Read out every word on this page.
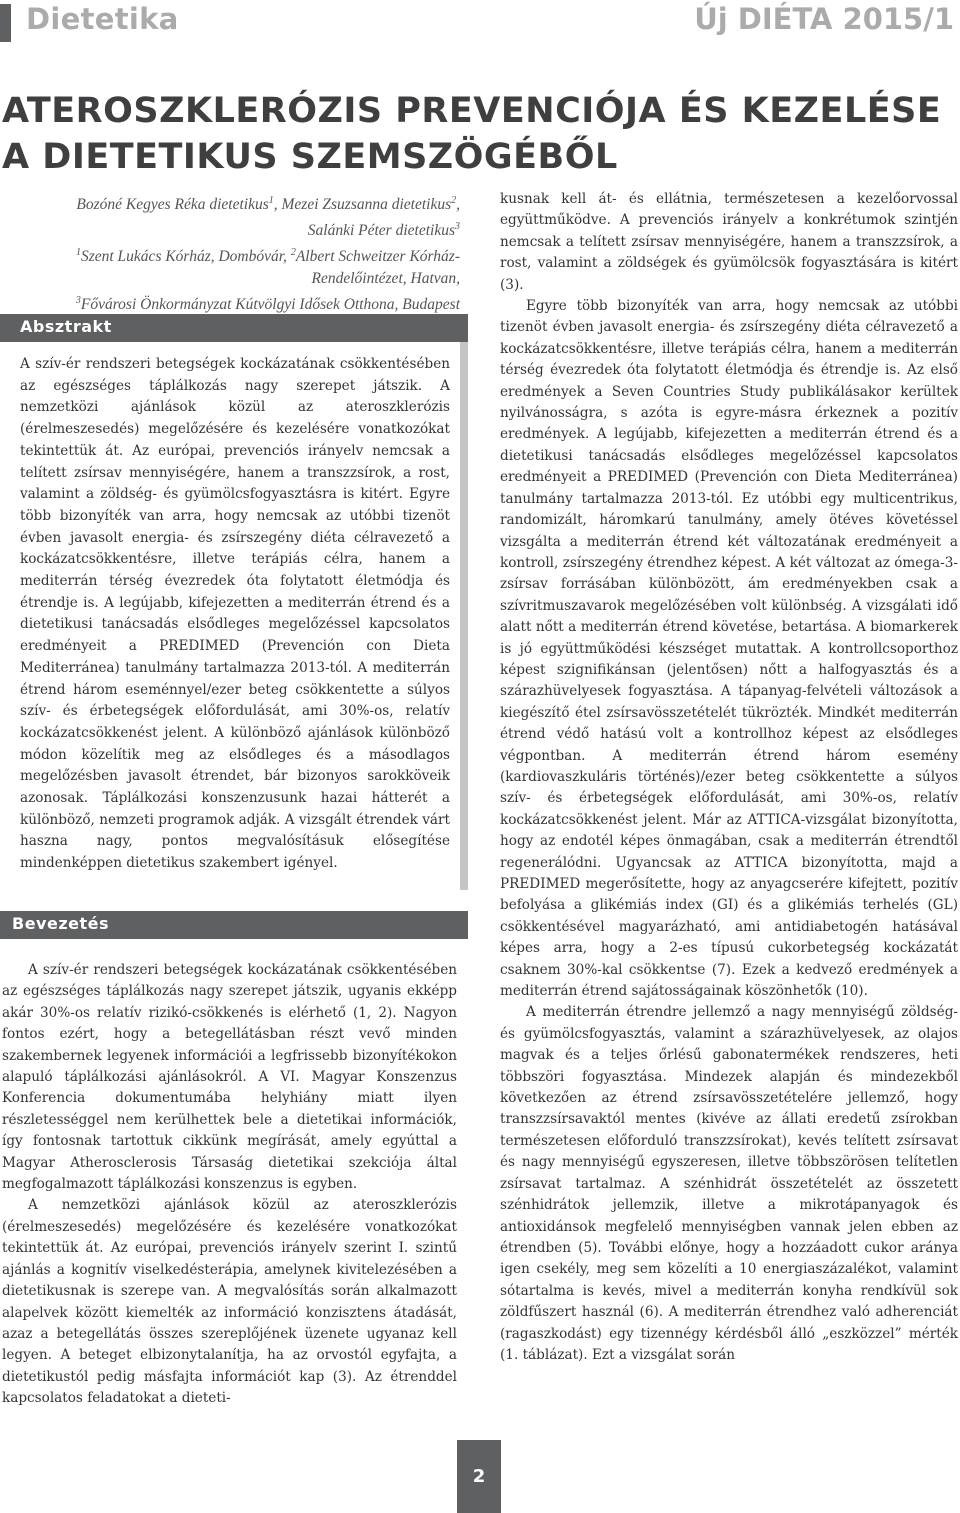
Dietetika	Új DIÉTA 2015/1
ATEROSZKLERÓZIS PREVENCIÓJA ÉS KEZELÉSE A DIETETIKUS SZEMSZÖGÉBŐL
Bozóné Kegyes Réka dietetikus$^1$, Mezei Zsuzsanna dietetikus$^2$,
Salánki Péter dietetikus$^3$
$^1$Szent Lukács Kórház, Dombóvár, $^2$Albert Schweitzer Kórház-
Rendelőintézet, Hatvan,
$^3$Fővárosi Önkormányzat Kútvölgyi Idősek Otthona, Budapest
Absztrakt
A szív-ér rendszeri betegségek kockázatának csökkentésében az egészséges táplálkozás nagy szerepet játszik. A nemzetközi ajánlások közül az ateroszklerózis (érelmeszesedés) megelőzésére és kezelésére vonatkozókat tekintettük át. Az európai, prevenciós irányelv nemcsak a telített zsírsav mennyiségére, hanem a transzzsírok, a rost, valamint a zöldség- és gyümölcsfogyasztásra is kitért. Egyre több bizonyíték van arra, hogy nemcsak az utóbbi tizenöt évben javasolt energia- és zsírszegény diéta célravezető a kockázatcsökkentésre, illetve terápiás célra, hanem a mediterrán térség évezredek óta folytatott életmódja és étrendje is. A legújabb, kifejezetten a mediterrán étrend és a dietetikusi tanácsadás elsődleges megelőzéssel kapcsolatos eredményeit a PREDIMED (Prevención con Dieta Mediterránea) tanulmány tartalmazza 2013-tól. A mediterrán étrend három eseménnyel/ezer beteg csökkentette a súlyos szív- és érbetegségek előfordulását, ami 30%-os, relatív kockázatcsökkenést jelent. A különböző ajánlások különböző módon közelítik meg az elsődleges és a másodlagos megelőzésben javasolt étrendet, bár bizonyos sarokköveik azonosak. Táplálkozási konszenzusunk hazai hátterét a különböző, nemzeti programok adják. A vizsgált étrendek várt haszna nagy, pontos megvalósításuk elősegítése mindenképpen dietetikus szakembert igényel.
Bevezetés

A szív-ér rendszeri betegségek kockázatának csökkentésében az egészséges táplálkozás nagy szerepet játszik, ugyanis ekképp akár 30%-os relatív rizikó-csökkenés is elérhető (1, 2). Nagyon fontos ezért, hogy a betegellátásban részt vevő minden szakembernek legyenek információi a legfrissebb bizonyítékokon alapuló táplálkozási ajánlásokról. A VI. Magyar Konszenzus Konferencia dokumentumába helyhiány miatt ilyen részletességgel nem kerülhettek bele a dietetikai információk, így fontosnak tartottuk cikkünk megírását, amely egyúttal a Magyar Atherosclerosis Társaság dietetikai szekciója által megfogalmazott táplálkozási konszenzus is egyben.

A nemzetközi ajánlások közül az ateroszklerózis (érelmeszesedés) megelőzésére és kezelésére vonatkozókat tekintettük át. Az európai, prevenciós irányelv szerint I. szintű ajánlás a kognitív viselkedésterápia, amelynek kivitelezésében a dietetikusnak is szerepe van. A megvalósítás során alkalmazott alapelvek között kiemelték az információ konzisztens átadását, azaz a betegellátás összes szereplőjének üzenete ugyanaz kell legyen. A beteget elbizonytalanítja, ha az orvostól egyfajta, a dietetikustól pedig másfajta információt kap (3). Az étrenddel kapcsolatos feladatokat a dieteti-

kusnak kell át- és ellátnia, természetesen a kezelőorvossal együttműködve. A prevenciós irányelv a konkrétumok szintjén nemcsak a telített zsírsav mennyiségére, hanem a transzzsírok, a rost, valamint a zöldségek és gyümölcsök fogyasztására is kitért (3).

Egyre több bizonyíték van arra, hogy nemcsak az utóbbi tizenöt évben javasolt energia- és zsírszegény diéta célravezető a kockázatcsökkentésre, illetve terápiás célra, hanem a mediterrán térség évezredek óta folytatott életmódja és étrendje is. Az első eredmények a Seven Countries Study publikálásakor kerültek nyilvánosságra, s azóta is egyre-másra érkeznek a pozitív eredmények. A legújabb, kifejezetten a mediterrán étrend és a dietetikusi tanácsadás elsődleges megelőzéssel kapcsolatos eredményeit a PREDIMED (Prevención con Dieta Mediterránea) tanulmány tartalmazza 2013-tól. Ez utóbbi egy multicentrikus, randomizált, háromkarú tanulmány, amely ötéves követéssel vizsgálta a mediterrán étrend két változatának eredményeit a kontroll, zsírszegény étrendhez képest. A két változat az ómega-3-zsírsav forrásában különbözött, ám eredményekben csak a szívritmuszavarok megelőzésében volt különbség. A vizsgálati idő alatt nőtt a mediterrán étrend követése, betartása. A biomarkerek is jó együttműködési készséget mutattak. A kontrollcsoporthoz képest szignifikánsan (jelentősen) nőtt a halfogyasztás és a szárazhüvelyesek fogyasztása. A tápanyag-felvételi változások a kiegészítő étel zsírsavösszetételét tükrözték. Mindkét mediterrán étrend védő hatású volt a kontrollhoz képest az elsődleges végpontban. A mediterrán étrend három esemény (kardiovaszkuláris történés)/ezer beteg csökkentette a súlyos szív- és érbetegségek előfordulását, ami 30%-os, relatív kockázatcsökkenést jelent. Már az ATTICA-vizsgálat bizonyította, hogy az endotél képes önmagában, csak a mediterrán étrendtől regenerálódni. Ugyancsak az ATTICA bizonyította, majd a PREDIMED megerősítette, hogy az anyagcserére kifejtett, pozitív befolyása a glikémiás index (GI) és a glikémiás terhelés (GL) csökkentésével magyarázható, ami antidiabetogén hatásával képes arra, hogy a 2-es típusú cukorbetegség kockázatát csaknem 30%-kal csökkentse (7). Ezek a kedvező eredmények a mediterrán étrend sajátosságainak köszönhetők (10).

A mediterrán étrendre jellemző a nagy mennyiségű zöldség- és gyümölcsfogyasztás, valamint a szárazhüvelyesek, az olajos magvak és a teljes őrlésű gabonatermékek rendszeres, heti többszöri fogyasztása. Mindezek alapján és mindezekből következően az étrend zsírsavösszetételére jellemző, hogy transzzsírsavaktól mentes (kivéve az állati eredetű zsírokban természetesen előforduló transzzsírokat), kevés telített zsírsavat és nagy mennyiségű egyszeresen, illetve többszörösen telítetlen zsírsavat tartalmaz. A szénhidrát összetételét az összetett szénhidrátok jellemzik, illetve a mikrotápanyagok és antioxidánsok megfelelő mennyiségben vannak jelen ebben az étrendben (5). További előnye, hogy a hozzáadott cukor aránya igen csekély, meg sem közelíti a 10 energiaszázalékot, valamint sótartalma is kevés, mivel a mediterrán konyha rendkívül sok zöldfűszert használ (6). A mediterrán étrendhez való adherenciát (ragaszkodást) egy tizennégy kérdésből álló „eszközzel” mérték (1. táblázat). Ezt a vizsgálat során

2
